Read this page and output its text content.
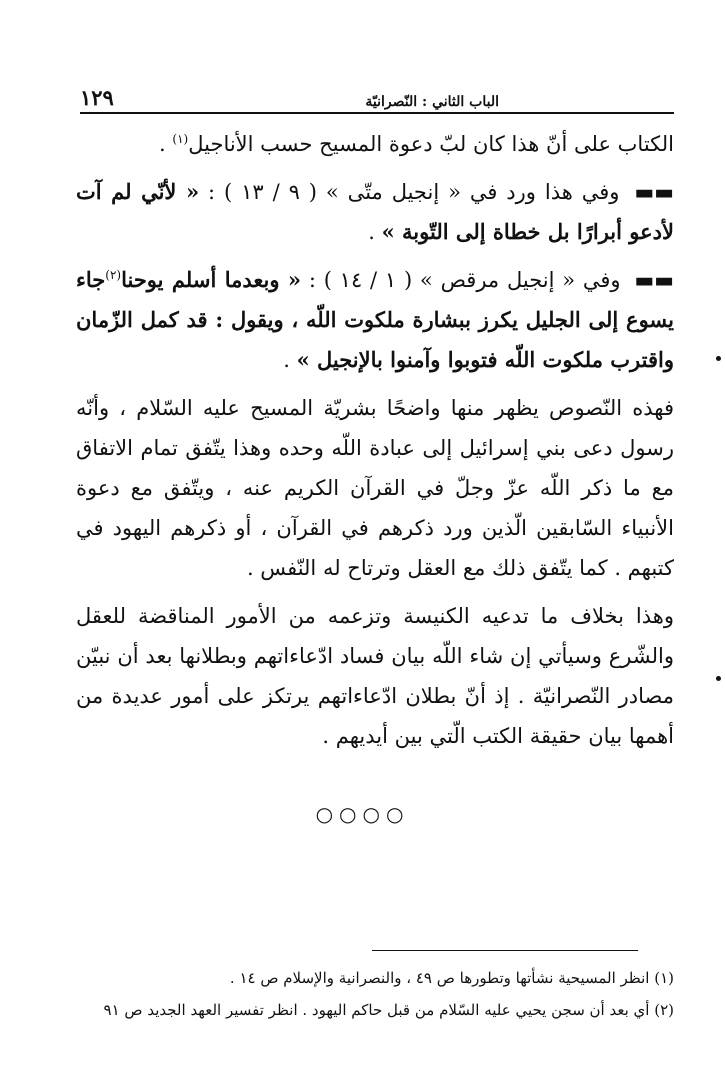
١٢٩	الباب الثاني : النّصرانيّة

الكتاب على أنّ هذا كان لبّ دعوة المسيح حسب الأناجيل$^{(١)}$ .

▬▬ وفي هذا ورد في « إنجيل متّى » ( ٩ / ١٣ ) : « لأنّي لم آت لأدعو أبرارًا بل خطاة إلى التّوبة » .

▬▬ وفي « إنجيل مرقص » ( ١ / ١٤ ) : « وبعدما أسلم يوحنا$^{(٢)}$جاء يسوع إلى الجليل يكرز ببشارة ملكوت اللّه ، ويقول : قد كمل الزّمان واقترب ملكوت اللّه فتوبوا وآمنوا بالإنجيل » .

فهذه النّصوص يظهر منها واضحًا بشريّة المسيح عليه السّلام ، وأنّه رسول دعى بني إسرائيل إلى عبادة اللّه وحده وهذا يتّفق تمام الاتفاق مع ما ذكر اللّه عزّ وجلّ في القرآن الكريم عنه ، ويتّفق مع دعوة الأنبياء السّابقين الّذين ورد ذكرهم في القرآن ، أو ذكرهم اليهود في كتبهم . كما يتّفق ذلك مع العقل وترتاح له النّفس .

وهذا بخلاف ما تدعيه الكنيسة وتزعمه من الأمور المناقضة للعقل والشّرع وسيأتي إن شاء اللّه بيان فساد ادّعاءاتهم وبطلانها بعد أن نبيّن مصادر النّصرانيّة . إذ أنّ بطلان ادّعاءاتهم يرتكز على أمور عديدة من أهمها بيان حقيقة الكتب الّتي بين أيديهم .

○○○○
(١) انظر المسيحية نشأتها وتطورها ص ٤٩ ، والنصرانية والإسلام ص ١٤ .
(٢) أي بعد أن سجن يحيي عليه السّلام من قبل حاكم اليهود . انظر تفسير العهد الجديد ص ٩١
